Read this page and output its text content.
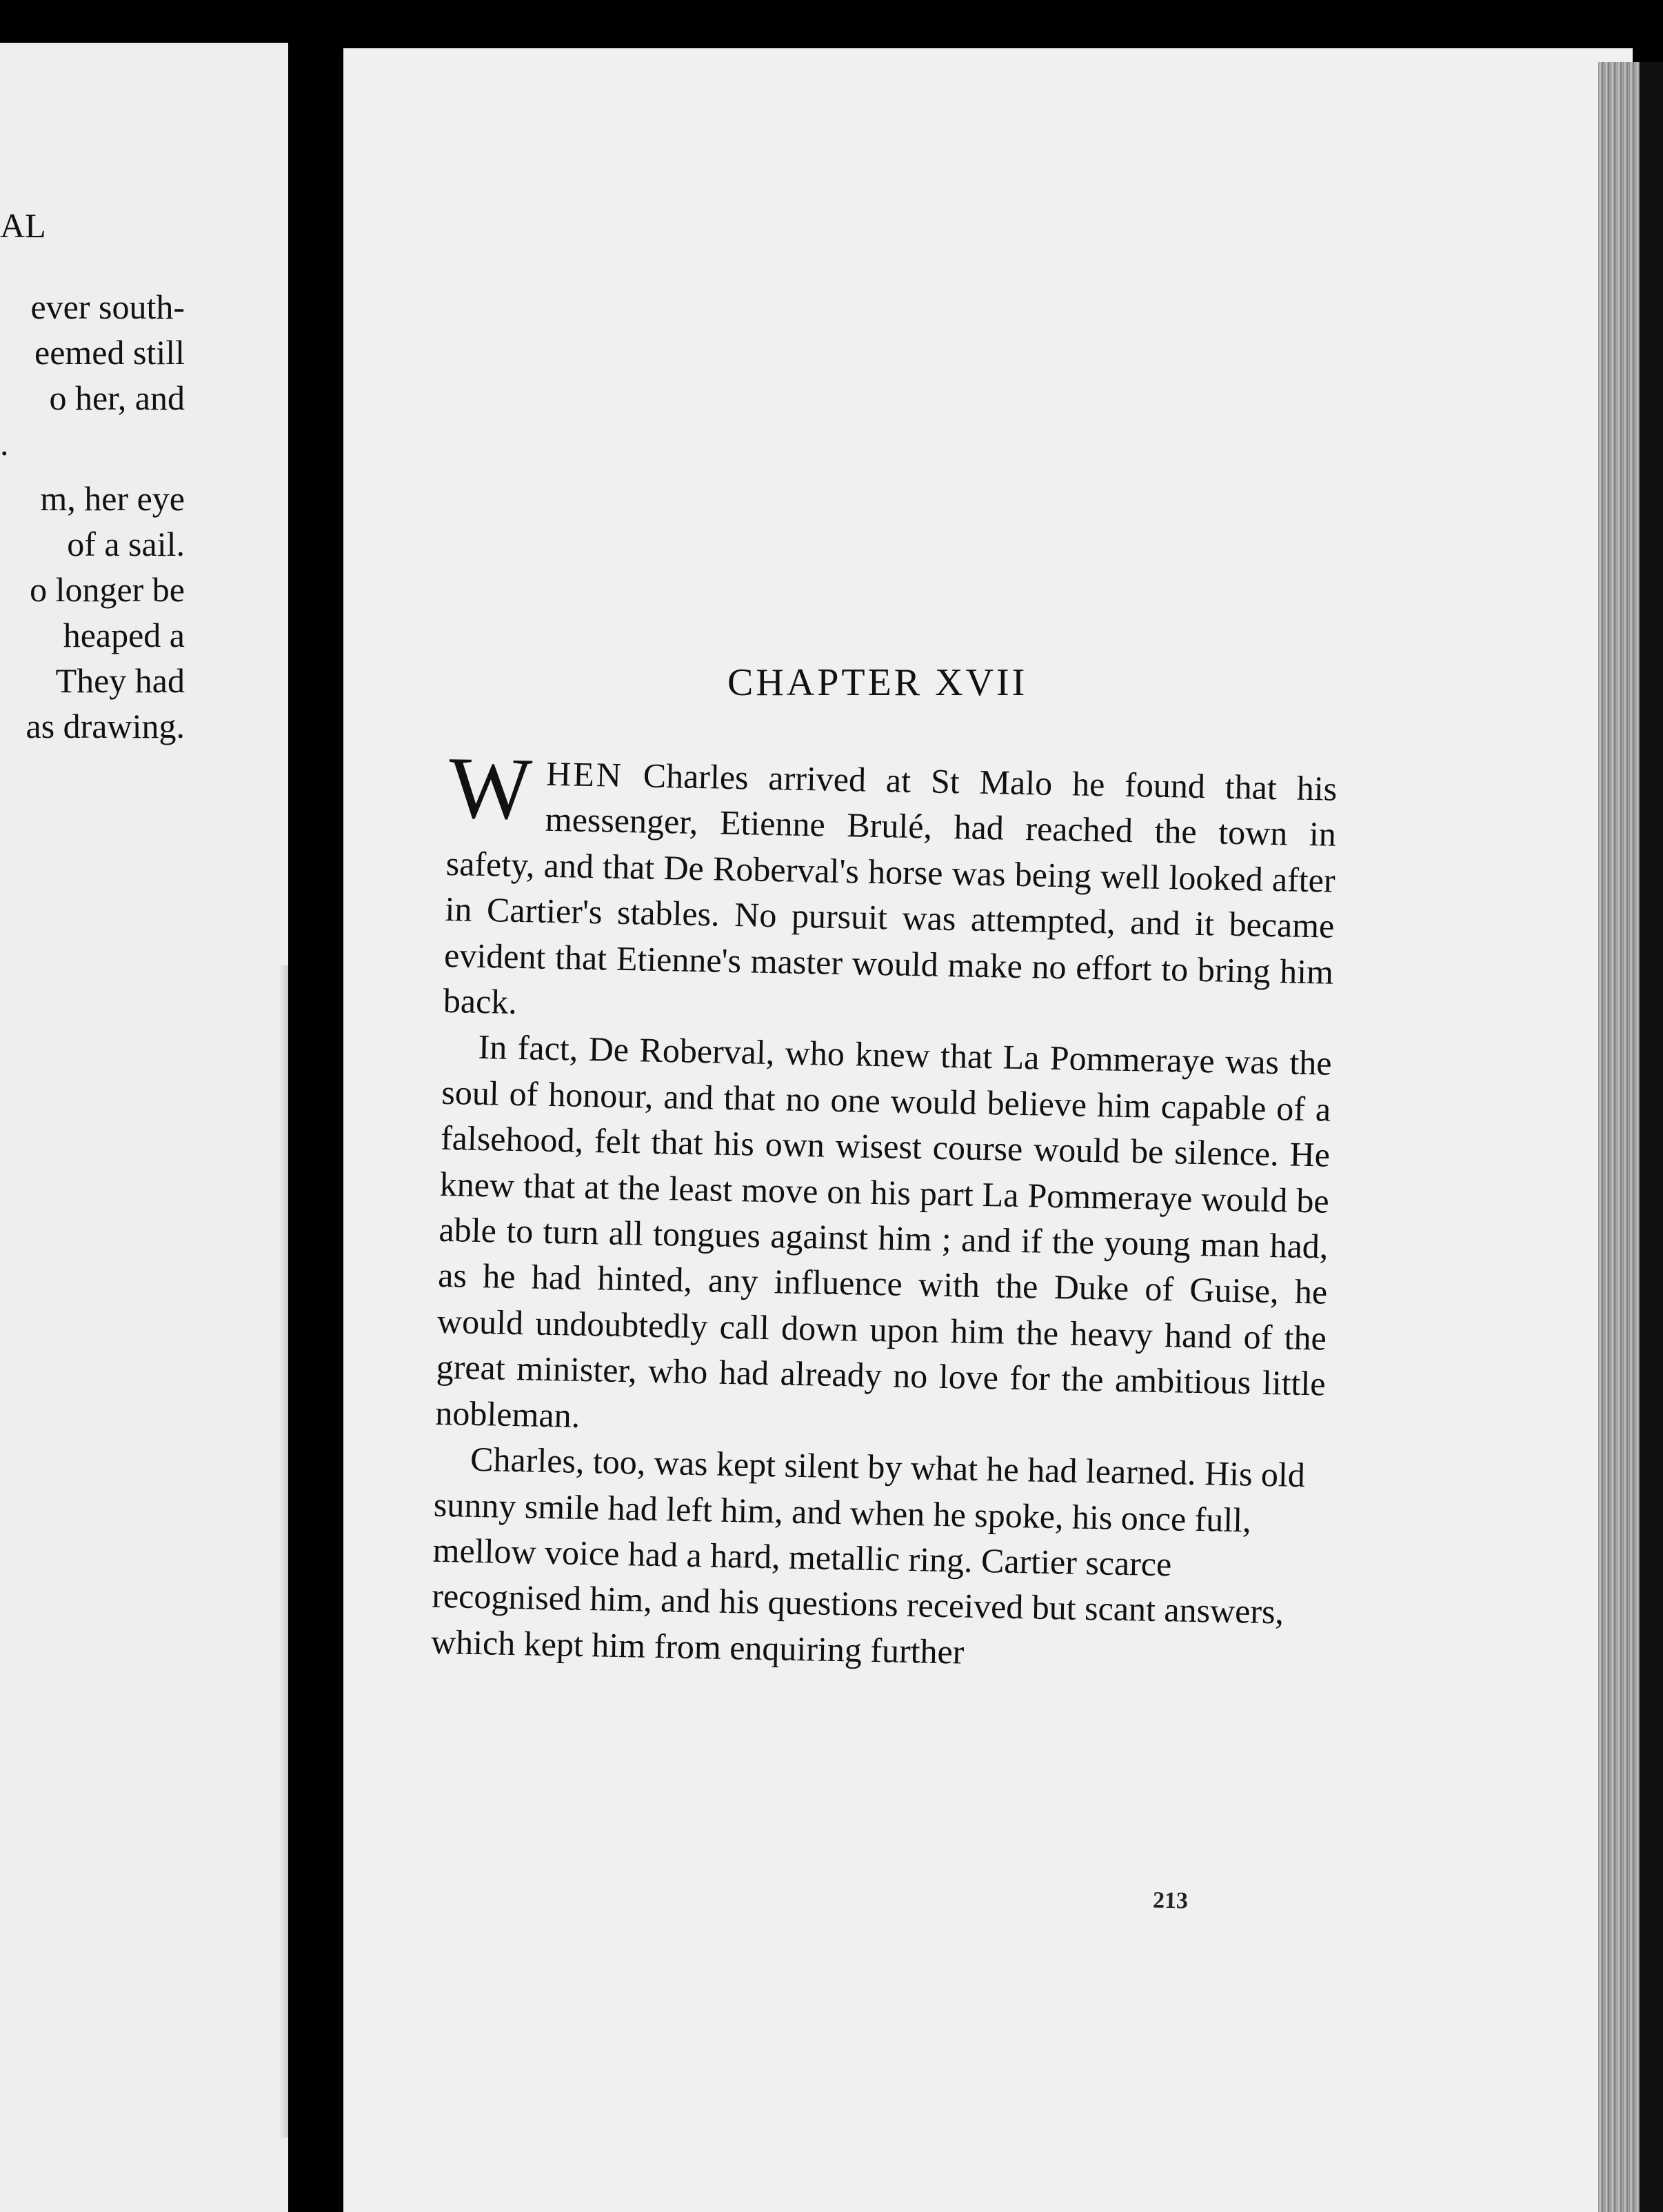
AL
ever south-
eemed still
o her, and
.
m, her eye
of a sail.
o longer be
heaped a
They had
as drawing.
CHAPTER XVII

WHEN Charles arrived at St Malo he found that his messenger, Etienne Brulé, had reached the town in safety, and that De Roberval's horse was being well looked after in Cartier's stables. No pursuit was attempted, and it became evident that Etienne's master would make no effort to bring him back.

In fact, De Roberval, who knew that La Pommeraye was the soul of honour, and that no one would believe him capable of a falsehood, felt that his own wisest course would be silence. He knew that at the least move on his part La Pommeraye would be able to turn all tongues against him ; and if the young man had, as he had hinted, any influence with the Duke of Guise, he would undoubtedly call down upon him the heavy hand of the great minister, who had already no love for the ambitious little nobleman.

Charles, too, was kept silent by what he had learned. His old sunny smile had left him, and when he spoke, his once full, mellow voice had a hard, metallic ring. Cartier scarce recognised him, and his questions received but scant answers, which kept him from enquiring further

213
